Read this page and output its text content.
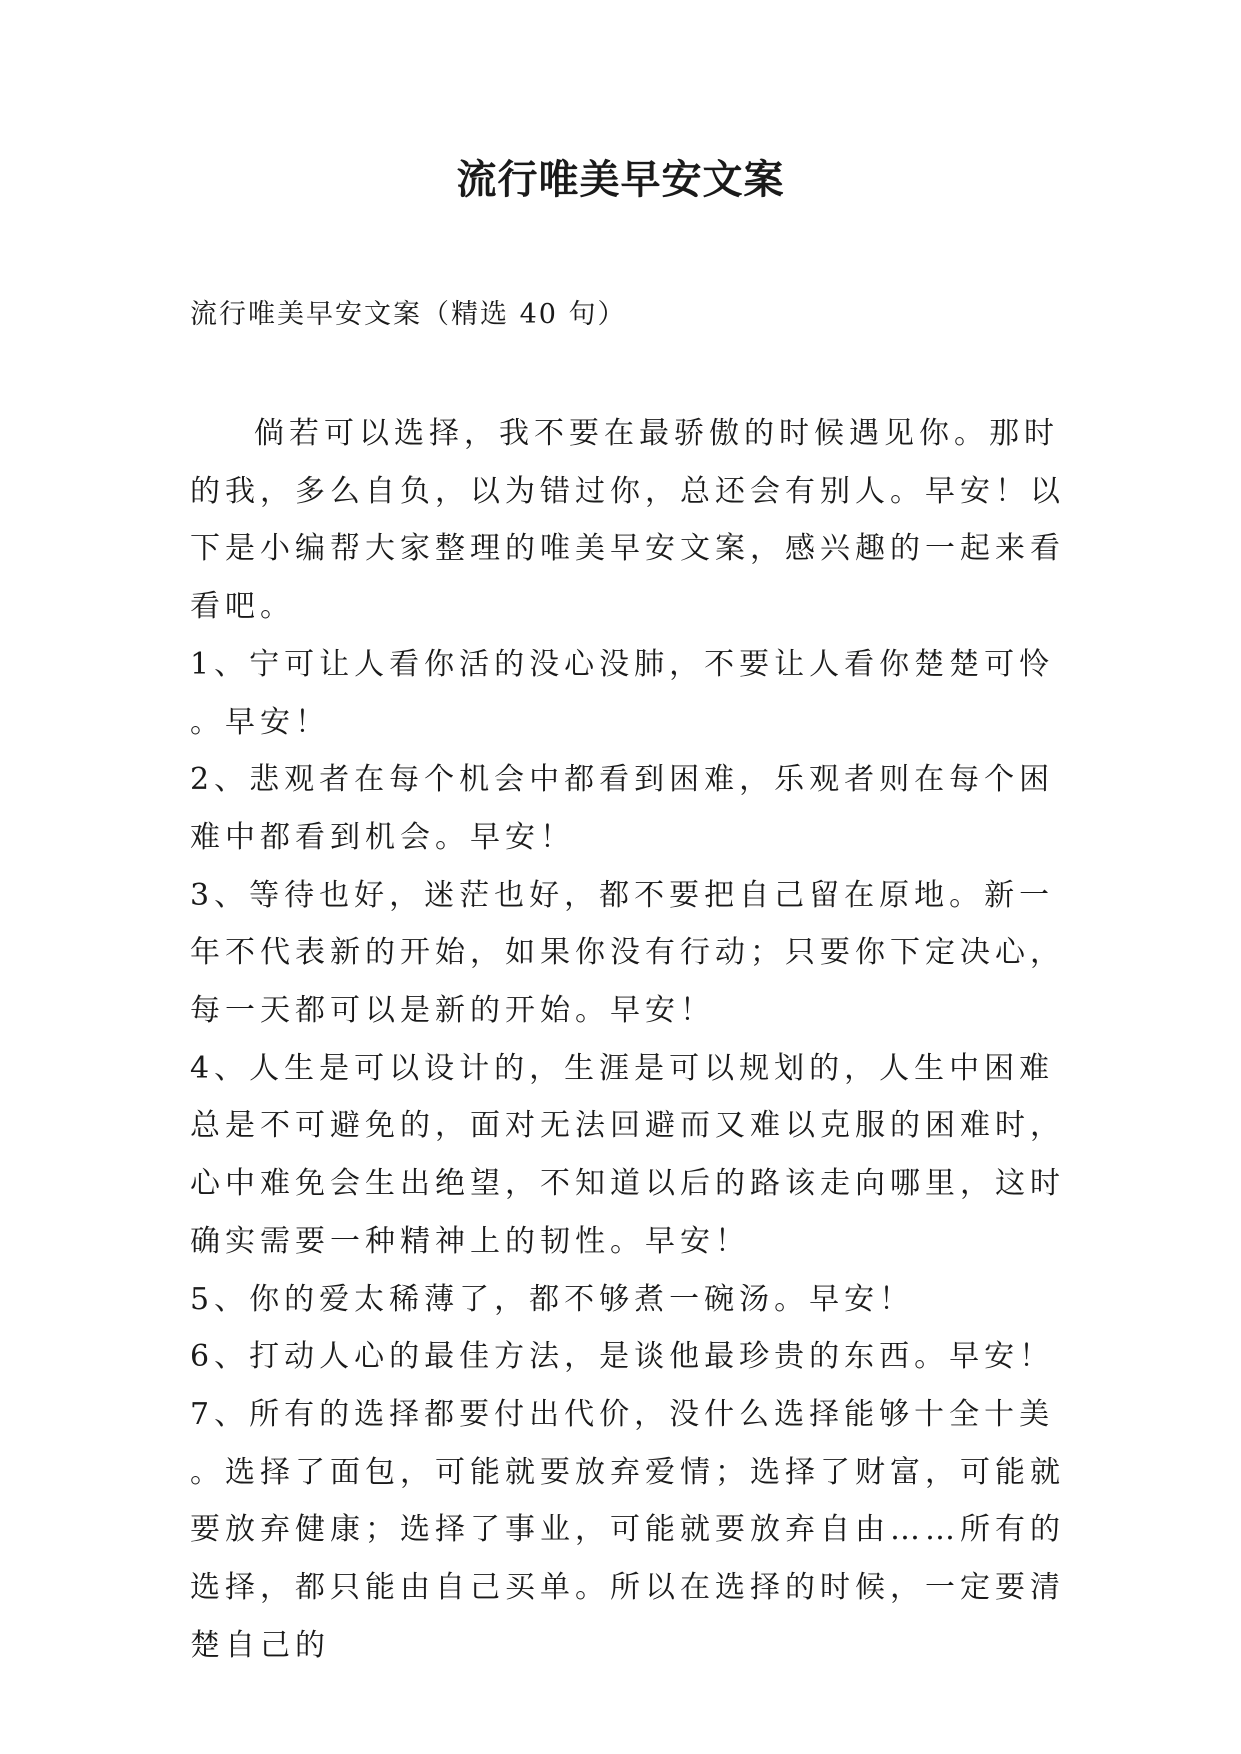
流行唯美早安文案
流行唯美早安文案（精选 40 句）

倘若可以选择，我不要在最骄傲的时候遇见你。那时的我，多么自负，以为错过你，总还会有别人。早安！以下是小编帮大家整理的唯美早安文案，感兴趣的一起来看看吧。

1、宁可让人看你活的没心没肺，不要让人看你楚楚可怜。早安！

2、悲观者在每个机会中都看到困难，乐观者则在每个困难中都看到机会。早安！

3、等待也好，迷茫也好，都不要把自己留在原地。新一年不代表新的开始，如果你没有行动；只要你下定决心，每一天都可以是新的开始。早安！

4、人生是可以设计的，生涯是可以规划的，人生中困难总是不可避免的，面对无法回避而又难以克服的困难时，心中难免会生出绝望，不知道以后的路该走向哪里，这时确实需要一种精神上的韧性。早安！

5、你的爱太稀薄了，都不够煮一碗汤。早安！

6、打动人心的最佳方法，是谈他最珍贵的东西。早安！

7、所有的选择都要付出代价，没什么选择能够十全十美。选择了面包，可能就要放弃爱情；选择了财富，可能就要放弃健康；选择了事业，可能就要放弃自由……所有的选择，都只能由自己买单。所以在选择的时候，一定要清楚自己的
